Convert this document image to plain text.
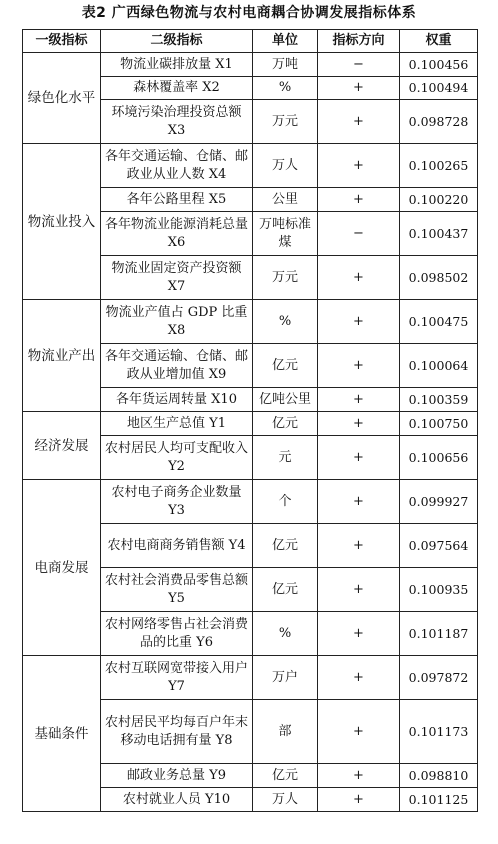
表2 广西绿色物流与农村电商耦合协调发展指标体系
一级指标	二级指标	单位	指标方向	权重
绿色化水平	物流业碳排放量 X1	万吨	−	0.100456
	森林覆盖率 X2	%	+	0.100494
	环境污染治理投资总额 X3	万元	+	0.098728
物流业投入	各年交通运输、仓储、邮政业从业人数 X4	万人	+	0.100265
	各年公路里程 X5	公里	+	0.100220
	各年物流业能源消耗总量 X6	万吨标准煤	−	0.100437
	物流业固定资产投资额 X7	万元	+	0.098502
物流业产出	物流业产值占 GDP 比重 X8	%	+	0.100475
	各年交通运输、仓储、邮政从业增加值 X9	亿元	+	0.100064
	各年货运周转量 X10	亿吨公里	+	0.100359
经济发展	地区生产总值 Y1	亿元	+	0.100750
	农村居民人均可支配收入 Y2	元	+	0.100656
电商发展	农村电子商务企业数量 Y3	个	+	0.099927
	农村电商商务销售额 Y4	亿元	+	0.097564
	农村社会消费品零售总额 Y5	亿元	+	0.100935
	农村网络零售占社会消费品的比重 Y6	%	+	0.101187
基础条件	农村互联网宽带接入用户 Y7	万户	+	0.097872
	农村居民平均每百户年末移动电话拥有量 Y8	部	+	0.101173
	邮政业务总量 Y9	亿元	+	0.098810
	农村就业人员 Y10	万人	+	0.101125
